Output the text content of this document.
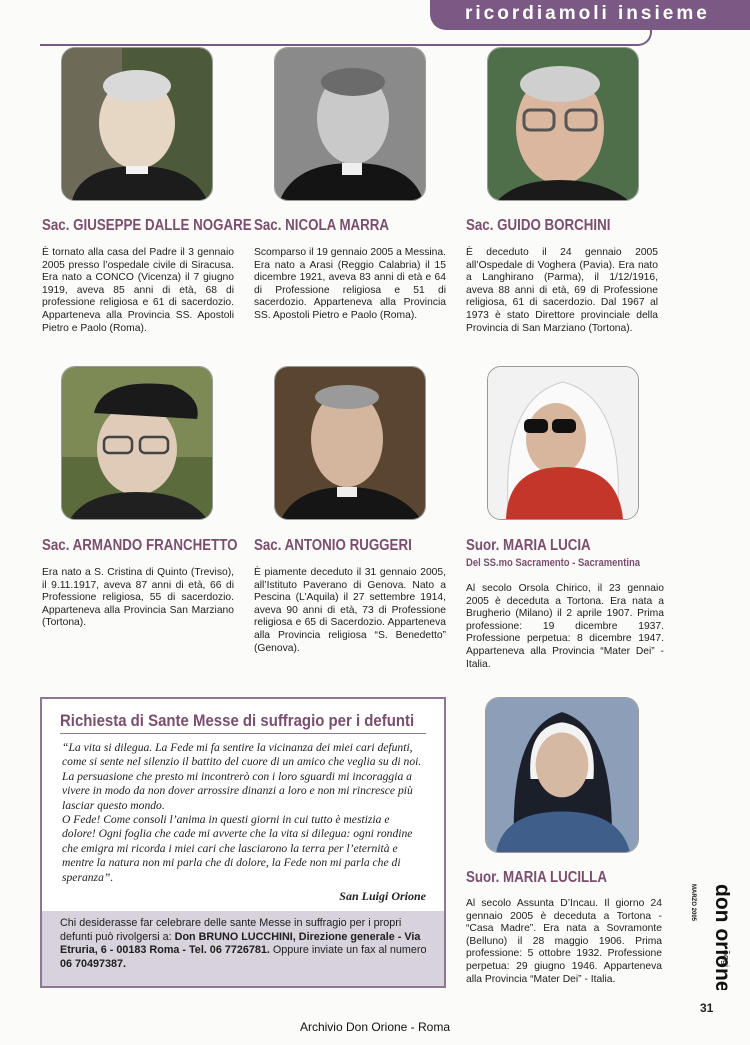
ricordiamoli insieme
Sac. GIUSEPPE DALLE NOGARE Sac. NICOLA MARRA	Sac. GUIDO BORCHINI
È tornato alla casa del Padre il 3 gennaio 2005 presso l’ospedale civile di Siracusa. Era nato a CONCO (Vicenza) il 7 giugno 1919, aveva 85 anni di età, 68 di professione religiosa e 61 di sacerdozio. Apparteneva alla Provincia SS. Apostoli Pietro e Paolo (Roma).
Scomparso il 19 gennaio 2005 a Messina. Era nato a Arasi (Reggio Calabria) il 15 dicembre 1921, aveva 83 anni di età e 64 di Professione religiosa e 51 di sacerdozio. Apparteneva alla Provincia SS. Apostoli Pietro e Paolo (Roma).
È deceduto il 24 gennaio 2005 all’Ospedale di Voghera (Pavia). Era nato a Langhirano (Parma), il 1/12/1916, aveva 88 anni di età, 69 di Professione religiosa, 61 di sacerdozio. Dal 1967 al 1973 è stato Direttore provinciale della Provincia di San Marziano (Tortona).
Sac. ARMANDO FRANCHETTO Sac. ANTONIO RUGGERI	Suor. MARIA LUCIA
Del SS.mo Sacramento - Sacramentina
Era nato a S. Cristina di Quinto (Treviso), il 9.11.1917, aveva 87 anni di età, 66 di Professione religiosa, 55 di sacerdozio. Apparteneva alla Provincia San Marziano (Tortona).
È piamente deceduto il 31 gennaio 2005, all’Istituto Paverano di Genova. Nato a Pescina (L’Aquila) il 27 settembre 1914, aveva 90 anni di età, 73 di Professione religiosa e 65 di Sacerdozio. Apparteneva alla Provincia religiosa “S. Benedetto” (Genova).
Al secolo Orsola Chirico, il 23 gennaio 2005 è deceduta a Tortona. Era nata a Brugherio (Milano) il 2 aprile 1907. Prima professione: 19 dicembre 1937. Professione perpetua: 8 dicembre 1947. Apparteneva alla Provincia “Mater Dei” - Italia.
Suor. MARIA LUCILLA
Al secolo Assunta D’Incau. Il giorno 24 gennaio 2005 è deceduta a Tortona - “Casa Madre”. Era nata a Sovramonte (Belluno) il 28 maggio 1906. Prima professione: 5 ottobre 1932. Professione perpetua: 29 giugno 1946. Apparteneva alla Provincia “Mater Dei” - Italia.
Richiesta di Sante Messe di suffragio per i defunti

“La vita si dilegua. La Fede mi fa sentire la vicinanza dei miei cari defunti, come si sente nel silenzio il battito del cuore di un amico che veglia su di noi. La persuasione che presto mi incontrerò con i loro sguardi mi incoraggia a vivere in modo da non dover arrossire dinanzi a loro e non mi rincresce più lasciar questo mondo.

O Fede! Come consoli l’anima in questi giorni in cui tutto è mestizia e dolore! Ogni foglia che cade mi avverte che la vita si dilegua: ogni rondine che emigra mi ricorda i miei cari che lasciarono la terra per l’eternità e mentre la natura non mi parla che di dolore, la Fede non mi parla che di speranza”.

San Luigi Orione
Chi desiderasse far celebrare delle sante Messe in suffragio per i propri defunti può rivolgersi a: Don BRUNO LUCCHINI, Direzione generale - Via Etruria, 6 - 00183 Roma - Tel. 06 7726781. Oppure inviate un fax al numero 06 70497387.
don orione
oggi
MARZO 2005
31
Archivio Don Orione - Roma
